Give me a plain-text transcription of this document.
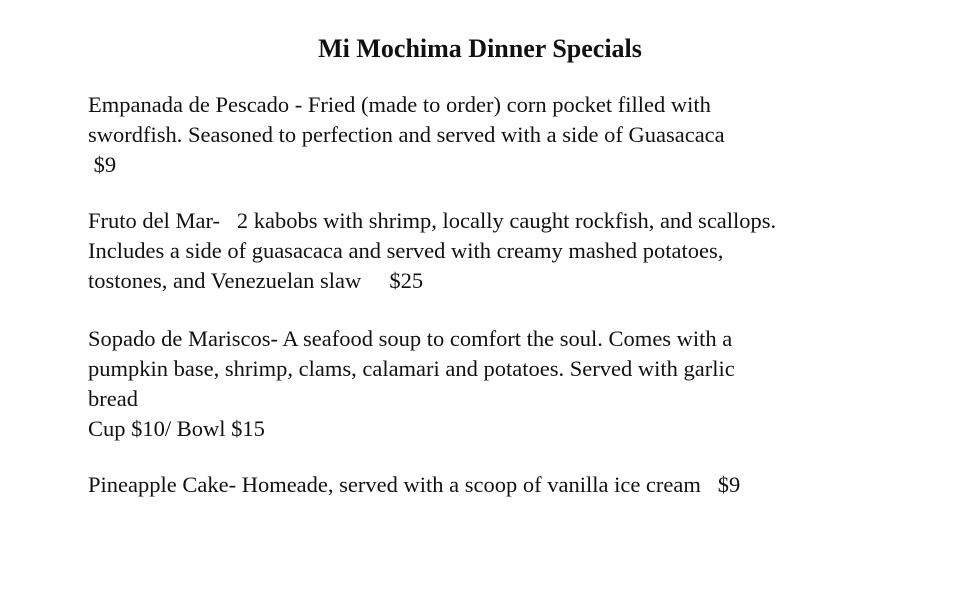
Mi Mochima Dinner Specials
Empanada de Pescado - Fried (made to order) corn pocket filled with
swordfish. Seasoned to perfection and served with a side of Guasacaca
$9
Fruto del Mar-   2 kabobs with shrimp, locally caught rockfish, and scallops.
Includes a side of guasacaca and served with creamy mashed potatoes,
tostones, and Venezuelan slaw     $25
Sopado de Mariscos- A seafood soup to comfort the soul. Comes with a
pumpkin base, shrimp, clams, calamari and potatoes. Served with garlic
bread
Cup $10/ Bowl $15
Pineapple Cake- Homeade, served with a scoop of vanilla ice cream   $9
